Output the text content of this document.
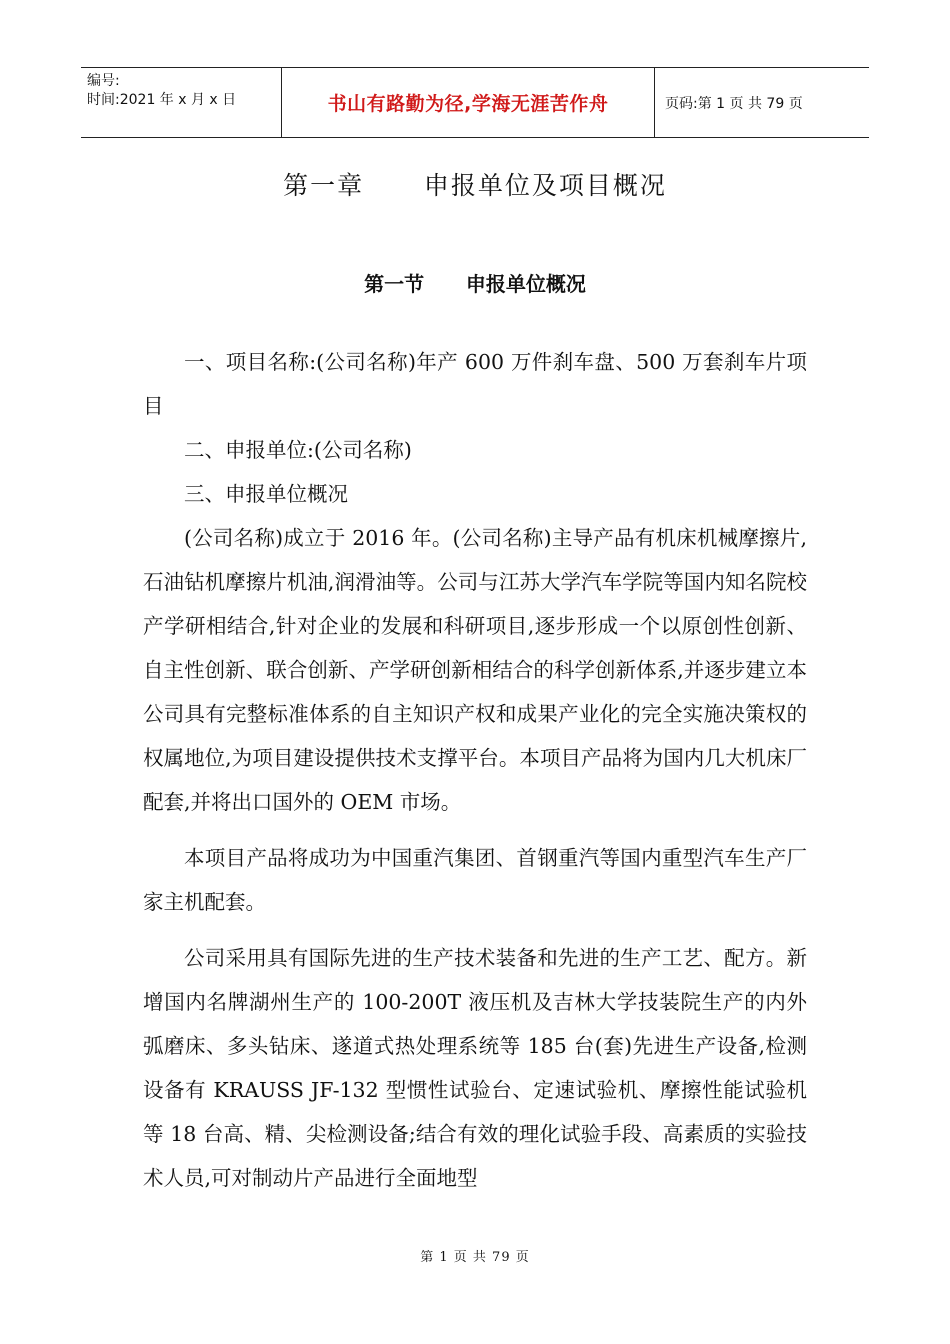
编号:
时间:2021 年 x 月 x 日	书山有路勤为径,学海无涯苦作舟	页码:第 1 页 共 79 页
第一章      申报单位及项目概况
第一节      申报单位概况

一、项目名称:(公司名称)年产 600 万件刹车盘、500 万套刹车片项目

二、申报单位:(公司名称)

三、申报单位概况

(公司名称)成立于 2016 年。(公司名称)主导产品有机床机械摩擦片,石油钻机摩擦片机油,润滑油等。公司与江苏大学汽车学院等国内知名院校产学研相结合,针对企业的发展和科研项目,逐步形成一个以原创性创新、自主性创新、联合创新、产学研创新相结合的科学创新体系,并逐步建立本公司具有完整标准体系的自主知识产权和成果产业化的完全实施决策权的权属地位,为项目建设提供技术支撑平台。本项目产品将为国内几大机床厂配套,并将出口国外的 OEM 市场。

本项目产品将成功为中国重汽集团、首钢重汽等国内重型汽车生产厂家主机配套。

公司采用具有国际先进的生产技术装备和先进的生产工艺、配方。新增国内名牌湖州生产的 100-200T 液压机及吉林大学技装院生产的内外弧磨床、多头钻床、遂道式热处理系统等 185 台(套)先进生产设备,检测设备有 KRAUSS JF-132 型惯性试验台、定速试验机、摩擦性能试验机等 18 台高、精、尖检测设备;结合有效的理化试验手段、高素质的实验技术人员,可对制动片产品进行全面地型

第 1 页 共 79 页
